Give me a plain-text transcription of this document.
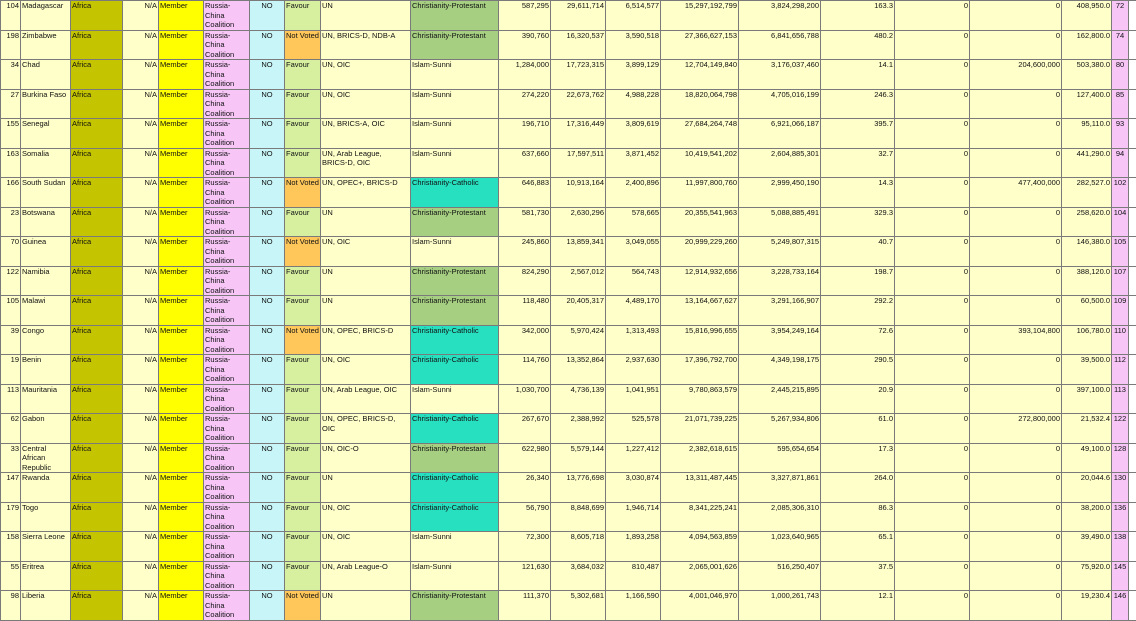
104	Madagascar	Africa	N/A	Member	Russia-China Coalition	NO	Favour	UN	Christianity-Protestant	587,295	29,611,714	6,514,577	15,297,192,799	3,824,298,200	163.3	0	0	408,950.0	72	
198	Zimbabwe	Africa	N/A	Member	Russia-China Coalition	NO	Not Voted	UN, BRICS-D, NDB-A	Christianity-Protestant	390,760	16,320,537	3,590,518	27,366,627,153	6,841,656,788	480.2	0	0	162,800.0	74	
34	Chad	Africa	N/A	Member	Russia-China Coalition	NO	Favour	UN, OIC	Islam-Sunni	1,284,000	17,723,315	3,899,129	12,704,149,840	3,176,037,460	14.1	0	204,600,000	503,380.0	80	
27	Burkina Faso	Africa	N/A	Member	Russia-China Coalition	NO	Favour	UN, OIC	Islam-Sunni	274,220	22,673,762	4,988,228	18,820,064,798	4,705,016,199	246.3	0	0	127,400.0	85	
155	Senegal	Africa	N/A	Member	Russia-China Coalition	NO	Favour	UN, BRICS-A, OIC	Islam-Sunni	196,710	17,316,449	3,809,619	27,684,264,748	6,921,066,187	395.7	0	0	95,110.0	93	
163	Somalia	Africa	N/A	Member	Russia-China Coalition	NO	Favour	UN, Arab League, BRICS-D, OIC	Islam-Sunni	637,660	17,597,511	3,871,452	10,419,541,202	2,604,885,301	32.7	0	0	441,290.0	94	
166	South Sudan	Africa	N/A	Member	Russia-China Coalition	NO	Not Voted	UN, OPEC+, BRICS-D	Christianity-Catholic	646,883	10,913,164	2,400,896	11,997,800,760	2,999,450,190	14.3	0	477,400,000	282,527.0	102	
23	Botswana	Africa	N/A	Member	Russia-China Coalition	NO	Favour	UN	Christianity-Protestant	581,730	2,630,296	578,665	20,355,541,963	5,088,885,491	329.3	0	0	258,620.0	104	
70	Guinea	Africa	N/A	Member	Russia-China Coalition	NO	Not Voted	UN, OIC	Islam-Sunni	245,860	13,859,341	3,049,055	20,999,229,260	5,249,807,315	40.7	0	0	146,380.0	105	
122	Namibia	Africa	N/A	Member	Russia-China Coalition	NO	Favour	UN	Christianity-Protestant	824,290	2,567,012	564,743	12,914,932,656	3,228,733,164	198.7	0	0	388,120.0	107	
105	Malawi	Africa	N/A	Member	Russia-China Coalition	NO	Favour	UN	Christianity-Protestant	118,480	20,405,317	4,489,170	13,164,667,627	3,291,166,907	292.2	0	0	60,500.0	109	
39	Congo	Africa	N/A	Member	Russia-China Coalition	NO	Not Voted	UN, OPEC, BRICS-D	Christianity-Catholic	342,000	5,970,424	1,313,493	15,816,996,655	3,954,249,164	72.6	0	393,104,800	106,780.0	110	
19	Benin	Africa	N/A	Member	Russia-China Coalition	NO	Favour	UN, OIC	Christianity-Catholic	114,760	13,352,864	2,937,630	17,396,792,700	4,349,198,175	290.5	0	0	39,500.0	112	
113	Mauritania	Africa	N/A	Member	Russia-China Coalition	NO	Favour	UN, Arab League, OIC	Islam-Sunni	1,030,700	4,736,139	1,041,951	9,780,863,579	2,445,215,895	20.9	0	0	397,100.0	113	
62	Gabon	Africa	N/A	Member	Russia-China Coalition	NO	Favour	UN, OPEC, BRICS-D, OIC	Christianity-Catholic	267,670	2,388,992	525,578	21,071,739,225	5,267,934,806	61.0	0	272,800,000	21,532.4	122	
33	Central African Republic	Africa	N/A	Member	Russia-China Coalition	NO	Favour	UN, OIC-O	Christianity-Protestant	622,980	5,579,144	1,227,412	2,382,618,615	595,654,654	17.3	0	0	49,100.0	128	
147	Rwanda	Africa	N/A	Member	Russia-China Coalition	NO	Favour	UN	Christianity-Catholic	26,340	13,776,698	3,030,874	13,311,487,445	3,327,871,861	264.0	0	0	20,044.6	130	
179	Togo	Africa	N/A	Member	Russia-China Coalition	NO	Favour	UN, OIC	Christianity-Catholic	56,790	8,848,699	1,946,714	8,341,225,241	2,085,306,310	86.3	0	0	38,200.0	136	
158	Sierra Leone	Africa	N/A	Member	Russia-China Coalition	NO	Favour	UN, OIC	Islam-Sunni	72,300	8,605,718	1,893,258	4,094,563,859	1,023,640,965	65.1	0	0	39,490.0	138	
55	Eritrea	Africa	N/A	Member	Russia-China Coalition	NO	Favour	UN, Arab League-O	Islam-Sunni	121,630	3,684,032	810,487	2,065,001,626	516,250,407	37.5	0	0	75,920.0	145	
98	Liberia	Africa	N/A	Member	Russia-China Coalition	NO	Not Voted	UN	Christianity-Protestant	111,370	5,302,681	1,166,590	4,001,046,970	1,000,261,743	12.1	0	0	19,230.4	146	
